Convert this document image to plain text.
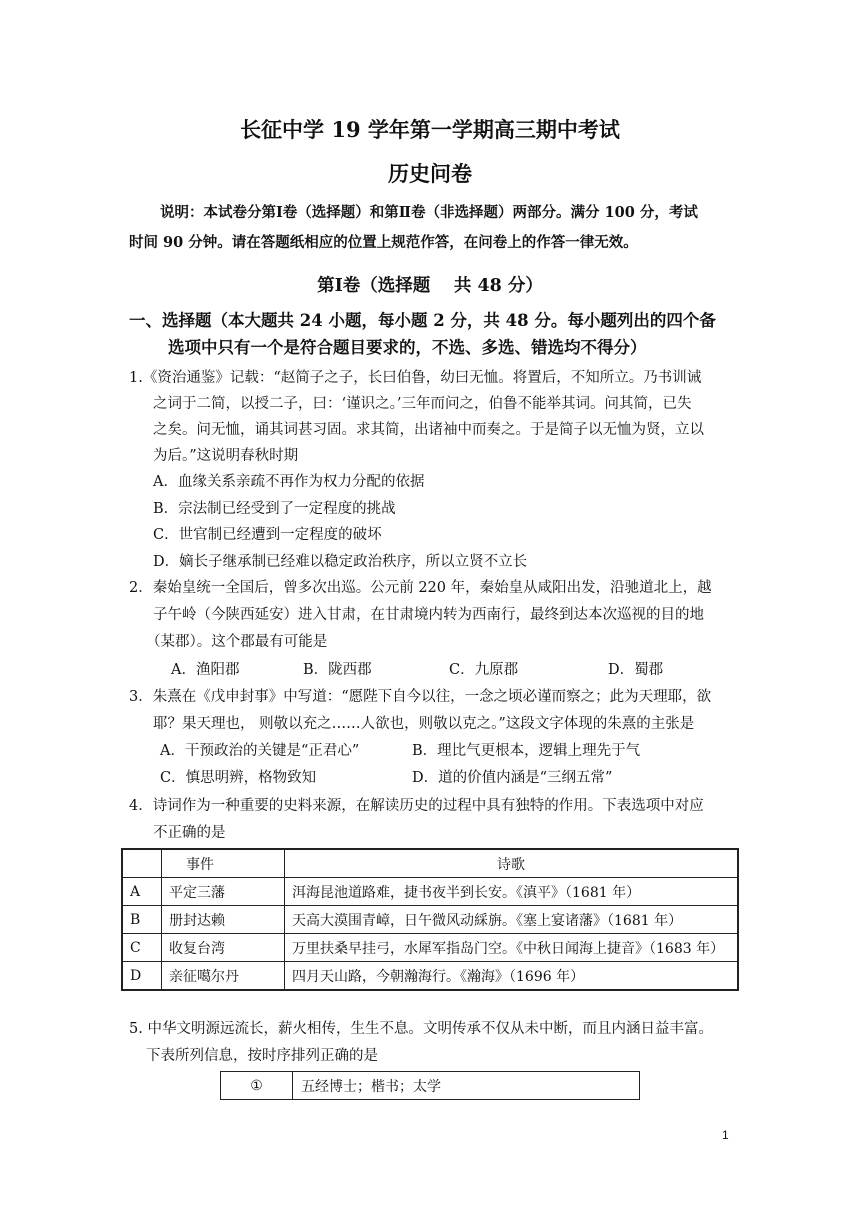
长征中学 19 学年第一学期高三期中考试
历史问卷
说明：本试卷分第Ⅰ卷（选择题）和第Ⅱ卷（非选择题）两部分。满分 100 分，考试
时间 90 分钟。请在答题纸相应的位置上规范作答，在问卷上的作答一律无效。
第Ⅰ卷（选择题　 共 48 分）
一、选择题（本大题共 24 小题，每小题 2 分，共 48 分。每小题列出的四个备
选项中只有一个是符合题目要求的，不选、多选、错选均不得分）
1.《资治通鉴》记载：“赵简子之子，长曰伯鲁，幼曰无恤。将置后，不知所立。乃书训诫
之词于二简，以授二子，曰：‘谨识之。’三年而问之，伯鲁不能举其词。问其简，已失
之矣。问无恤，诵其词甚习固。求其简，出诸袖中而奏之。于是简子以无恤为贤，立以
为后。”这说明春秋时期
A．血缘关系亲疏不再作为权力分配的依据
B．宗法制已经受到了一定程度的挑战
C．世官制已经遭到一定程度的破坏
D．嫡长子继承制已经难以稳定政治秩序，所以立贤不立长
2．秦始皇统一全国后，曾多次出巡。公元前 220 年，秦始皇从咸阳出发，沿驰道北上，越
子午岭（今陕西延安）进入甘肃，在甘肃境内转为西南行，最终到达本次巡视的目的地
（某郡）。这个郡最有可能是
A．渔阳郡	B．陇西郡	C．九原郡	D．蜀郡
3．朱熹在《戊申封事》中写道：“愿陛下自今以往，一念之顷必谨而察之；此为天理耶，欲
耶？果天理也， 则敬以充之……人欲也，则敬以克之。”这段文字体现的朱熹的主张是
A．干预政治的关键是“正君心”	B．理比气更根本，逻辑上理先于气
C．慎思明辨，格物致知	D．道的价值内涵是“三纲五常”
4．诗词作为一种重要的史料来源，在解读历史的过程中具有独特的作用。下表选项中对应
不正确的是
	事件	诗歌
A	平定三藩	洱海昆池道路难，捷书夜半到长安。《滇平》（1681 年）
B	册封达赖	天高大漠围青嶂，日午微风动綵旃。《塞上宴诸藩》（1681 年）
C	收复台湾	万里扶桑早挂弓，水犀军指岛门空。《中秋日闻海上捷音》（1683 年）
D	亲征噶尔丹	四月天山路，今朝瀚海行。《瀚海》（1696 年）
5. 中华文明源远流长，薪火相传，生生不息。文明传承不仅从未中断，而且内涵日益丰富。
下表所列信息，按时序排列正确的是
①	五经博士；楷书；太学
1
